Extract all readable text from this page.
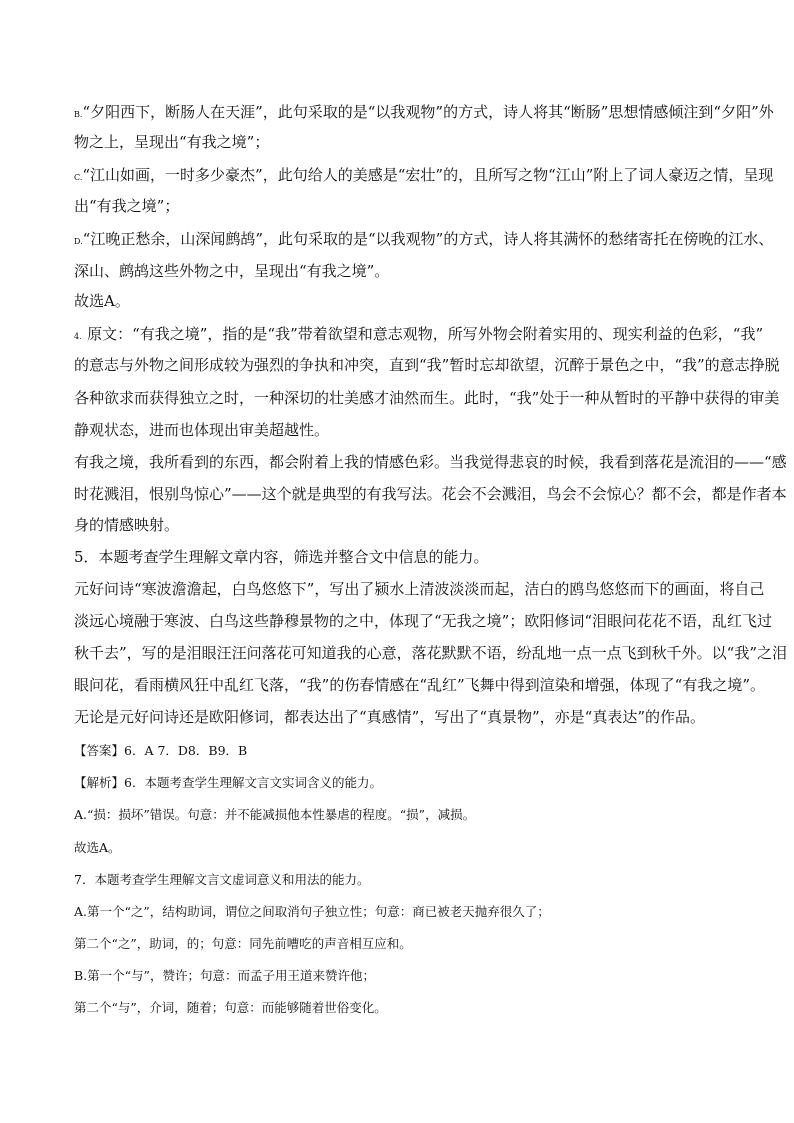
B.“夕阳西下，断肠人在天涯”，此句采取的是“以我观物”的方式，诗人将其“断肠”思想情感倾注到“夕阳”外

物之上，呈现出“有我之境”；

C.“江山如画，一时多少豪杰”，此句给人的美感是“宏壮”的，且所写之物“江山”附上了词人豪迈之情，呈现

出“有我之境”；

D.“江晚正愁余，山深闻鹧鸪”，此句采取的是“以我观物”的方式，诗人将其满怀的愁绪寄托在傍晚的江水、

深山、鹧鸪这些外物之中，呈现出“有我之境”。

故选A。

4．原文：“有我之境”，指的是“我”带着欲望和意志观物，所写外物会附着实用的、现实利益的色彩，“我”

的意志与外物之间形成较为强烈的争执和冲突，直到“我”暂时忘却欲望，沉醉于景色之中，“我”的意志挣脱

各种欲求而获得独立之时，一种深切的壮美感才油然而生。此时，“我”处于一种从暂时的平静中获得的审美

静观状态，进而也体现出审美超越性。

有我之境，我所看到的东西，都会附着上我的情感色彩。当我觉得悲哀的时候，我看到落花是流泪的——“感

时花溅泪，恨别鸟惊心”——这个就是典型的有我写法。花会不会溅泪，鸟会不会惊心？都不会，都是作者本

身的情感映射。

5．本题考查学生理解文章内容，筛选并整合文中信息的能力。

元好问诗“寒波澹澹起，白鸟悠悠下”，写出了颍水上清波淡淡而起，洁白的鸥鸟悠悠而下的画面，将自己

淡远心境融于寒波、白鸟这些静穆景物的之中，体现了“无我之境”；欧阳修词“泪眼问花花不语，乱红飞过

秋千去”，写的是泪眼汪汪问落花可知道我的心意，落花默默不语，纷乱地一点一点飞到秋千外。以“我”之泪

眼问花，看雨横风狂中乱红飞落，“我”的伤春情感在“乱红”飞舞中得到渲染和增强，体现了“有我之境”。

无论是元好问诗还是欧阳修词，都表达出了“真感情”，写出了“真景物”，亦是“真表达”的作品。

【答案】6．A 7．D8．B9．B

【解析】6．本题考查学生理解文言文实词含义的能力。

A.“损：损坏”错误。句意：并不能减损他本性暴虐的程度。“损”，减损。

故选A。

7．本题考查学生理解文言文虚词意义和用法的能力。

A.第一个“之”，结构助词，谓位之间取消句子独立性；句意：商已被老天抛弃很久了；

第二个“之”，助词，的；句意：同先前嘈吃的声音相互应和。

B.第一个“与”，赞许；句意：而孟子用王道来赞许他；

第二个“与”，介词，随着；句意：而能够随着世俗变化。
